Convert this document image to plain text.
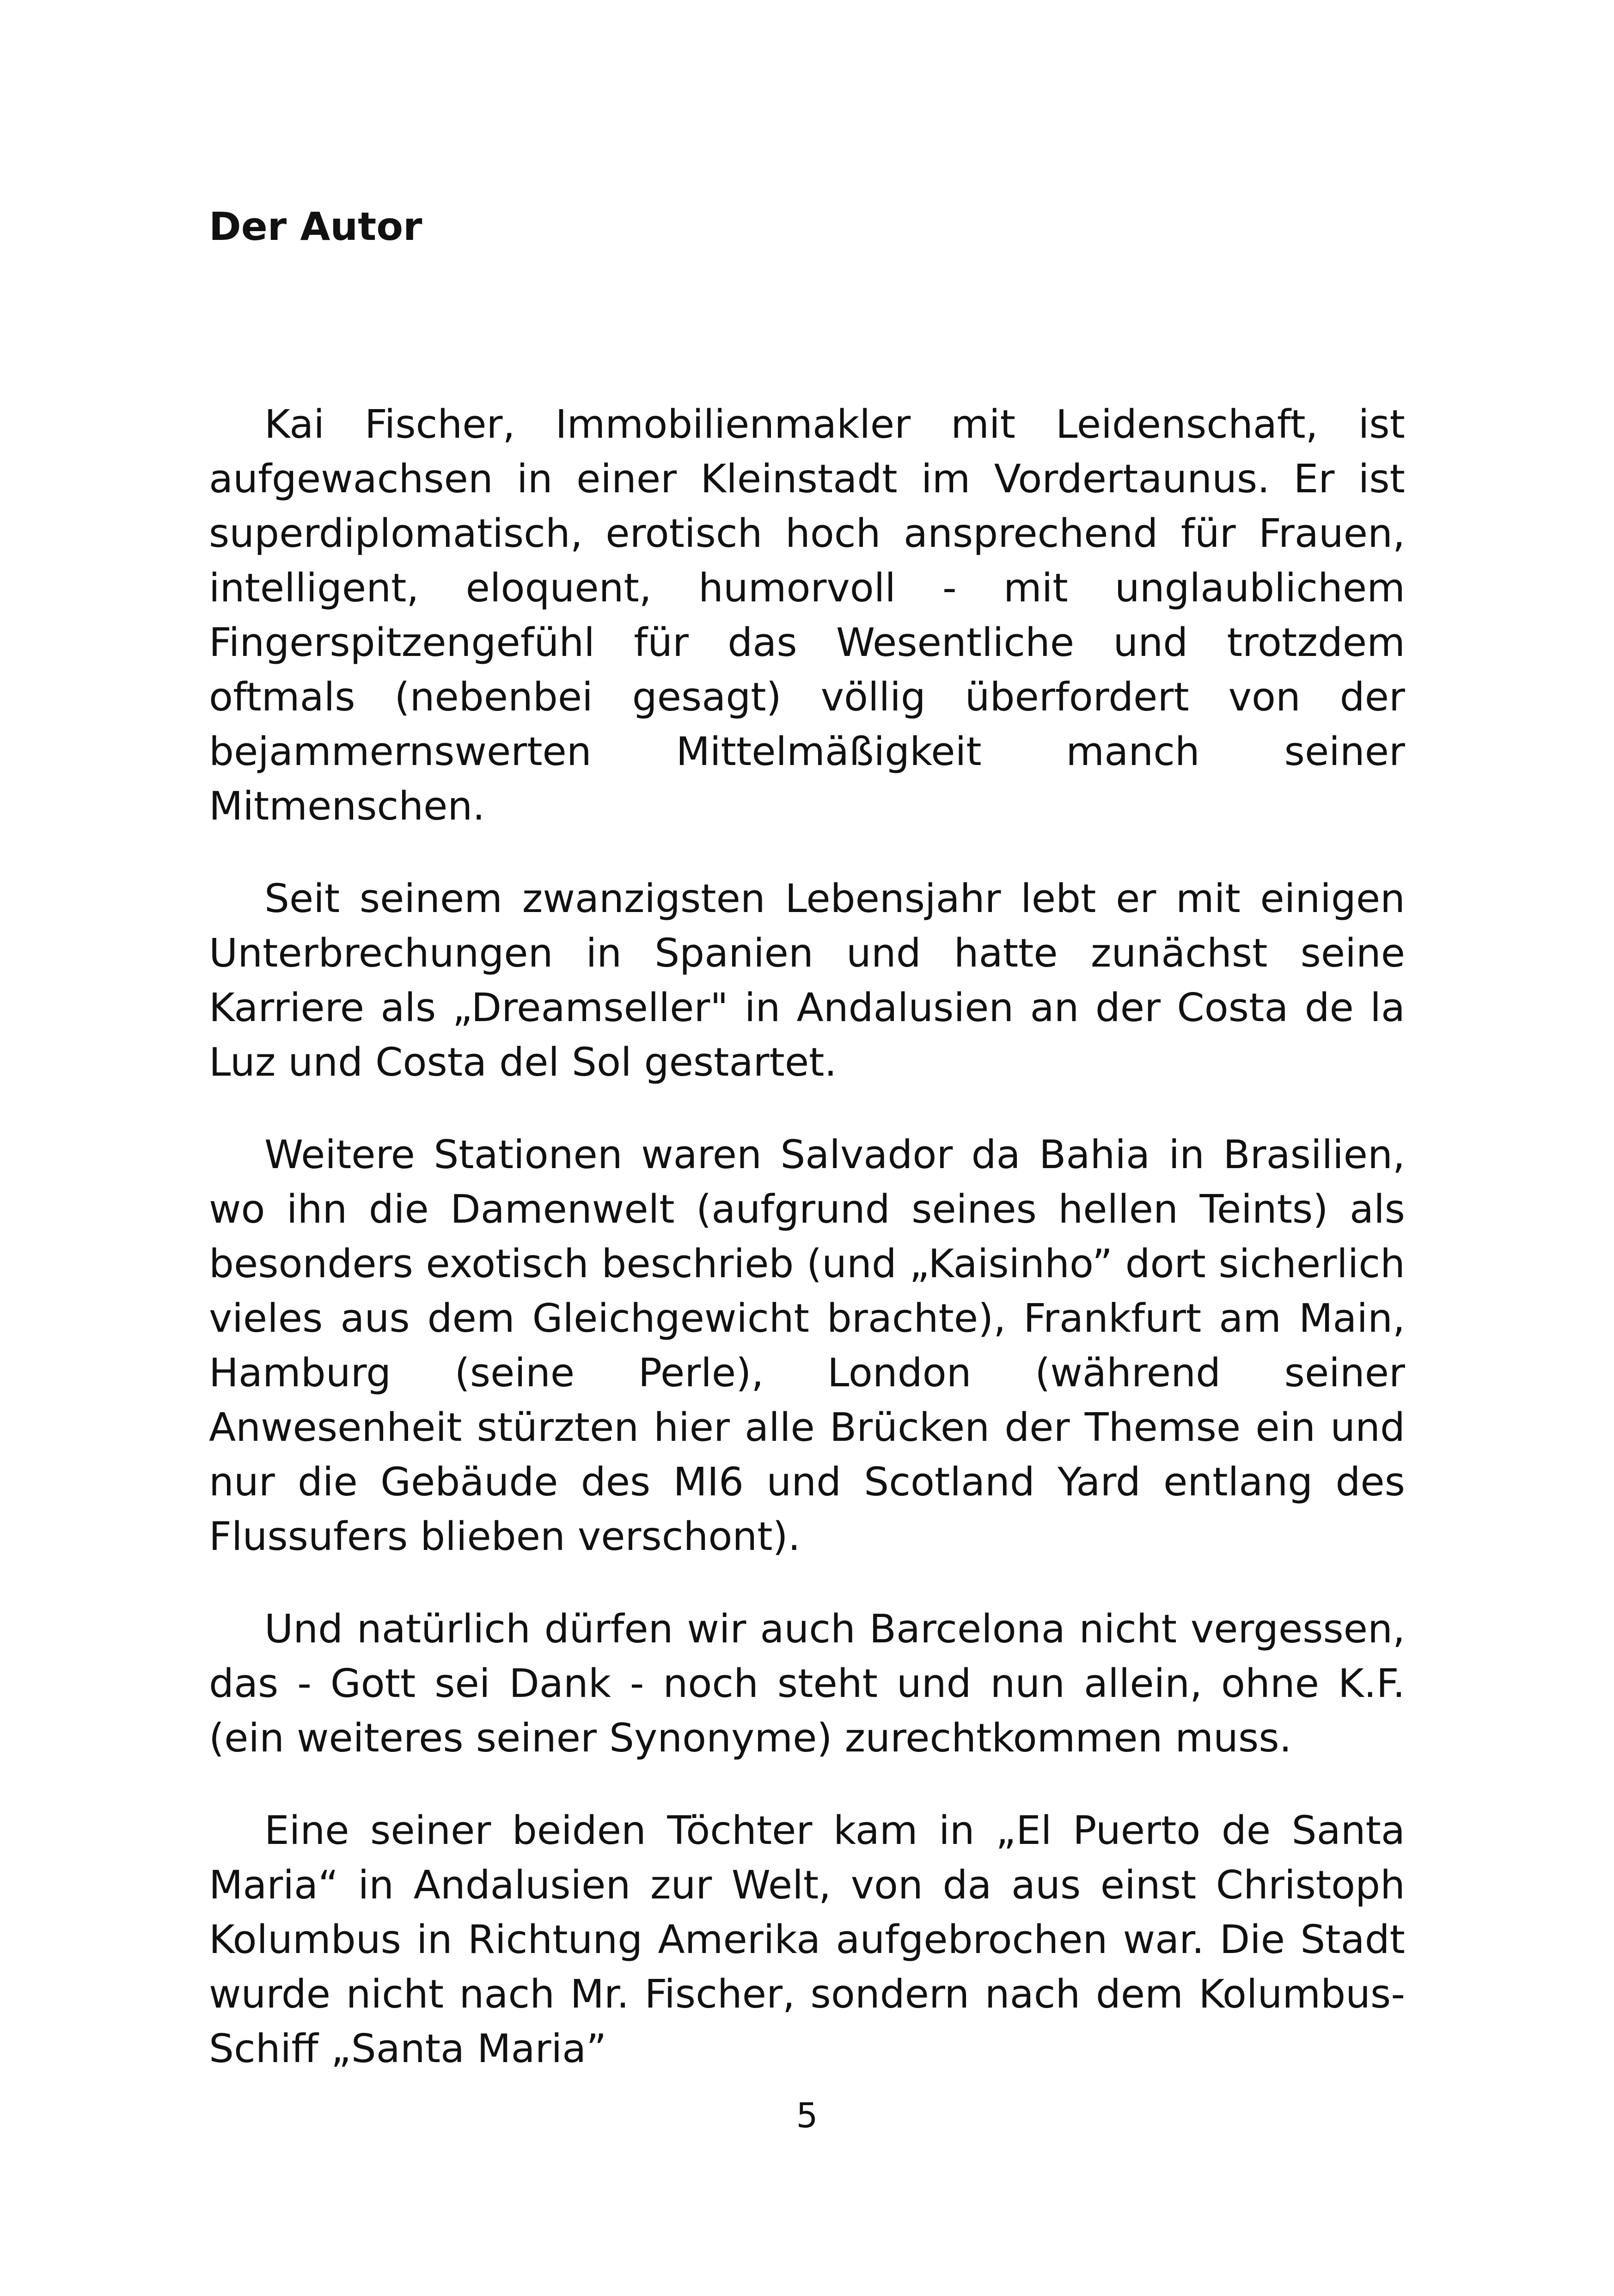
Der Autor

Kai Fischer, Immobilienmakler mit Leidenschaft, ist aufgewachsen in einer Kleinstadt im Vordertaunus. Er ist superdiplomatisch, erotisch hoch ansprechend für Frauen, intelligent, eloquent, humorvoll - mit unglaublichem Fingerspitzengefühl für das Wesentliche und trotzdem oftmals (nebenbei gesagt) völlig überfordert von der bejammernswerten Mittelmäßigkeit manch seiner Mitmenschen.

Seit seinem zwanzigsten Lebensjahr lebt er mit einigen Unterbrechungen in Spanien und hatte zunächst seine Karriere als „Dreamseller" in Andalusien an der Costa de la Luz und Costa del Sol gestartet.

Weitere Stationen waren Salvador da Bahia in Brasilien, wo ihn die Damenwelt (aufgrund seines hellen Teints) als besonders exotisch beschrieb (und „Kaisinho” dort sicherlich vieles aus dem Gleichgewicht brachte), Frankfurt am Main, Hamburg (seine Perle), London (während seiner Anwesenheit stürzten hier alle Brücken der Themse ein und nur die Gebäude des MI6 und Scotland Yard entlang des Flussufers blieben verschont).

Und natürlich dürfen wir auch Barcelona nicht vergessen, das - Gott sei Dank - noch steht und nun allein, ohne K.F. (ein weiteres seiner Synonyme) zurechtkommen muss.

Eine seiner beiden Töchter kam in „El Puerto de Santa Maria“ in Andalusien zur Welt, von da aus einst Christoph Kolumbus in Richtung Amerika aufgebrochen war. Die Stadt wurde nicht nach Mr. Fischer, sondern nach dem Kolumbus-Schiff „Santa Maria”

5
